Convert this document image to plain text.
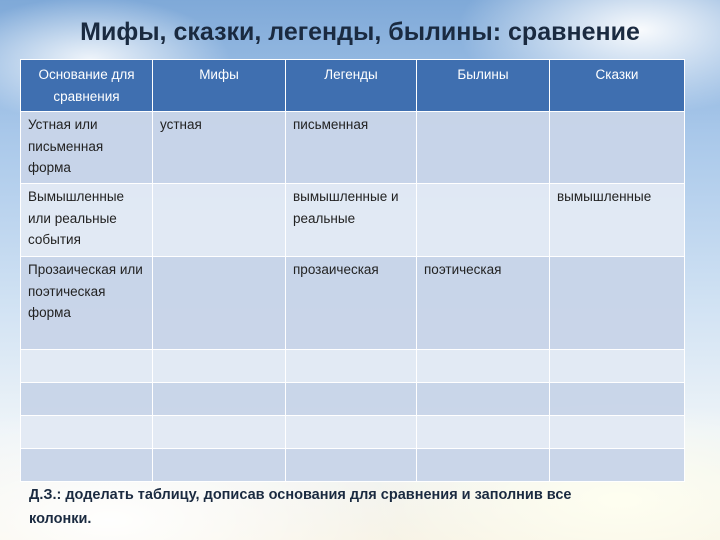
Мифы, сказки, легенды, былины: сравнение
Основание для сравнения	Мифы	Легенды	Былины	Сказки
Устная или письменная форма	устная	письменная		
Вымышленные или реальные события		вымышленные и реальные		вымышленные
Прозаическая или поэтическая форма		прозаическая	поэтическая	

Д.З.: доделать таблицу, дописав основания для сравнения и заполнив все колонки.
